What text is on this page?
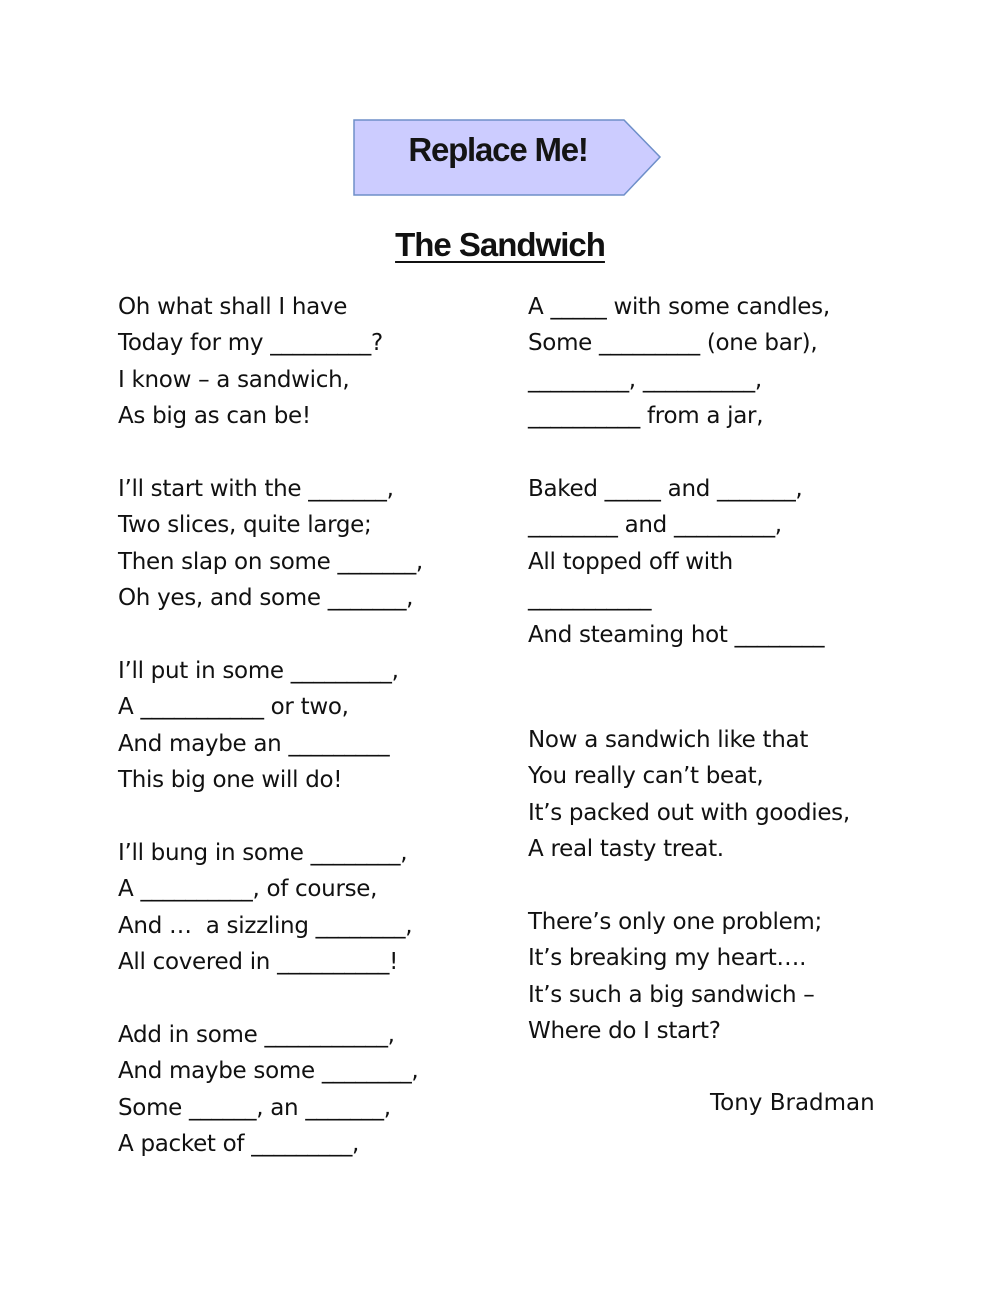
Replace Me!
The Sandwich
Oh what shall I have
Today for my _________?
I know – a sandwich,
As big as can be!
I’ll start with the _______,
Two slices, quite large;
Then slap on some _______,
Oh yes, and some _______,
I’ll put in some _________,
A ___________ or two,
And maybe an _________
This big one will do!
I’ll bung in some ________,
A __________, of course,
And …  a sizzling ________,
All covered in __________!
Add in some ___________,
And maybe some ________,
Some ______, an _______,
A packet of _________,
A _____ with some candles,
Some _________ (one bar),
_________, __________,
__________ from a jar,
Baked _____ and _______,
________ and _________,
All topped off with
___________
And steaming hot ________
Now a sandwich like that
You really can’t beat,
It’s packed out with goodies,
A real tasty treat.
There’s only one problem;
It’s breaking my heart….
It’s such a big sandwich –
Where do I start?
Tony Bradman
